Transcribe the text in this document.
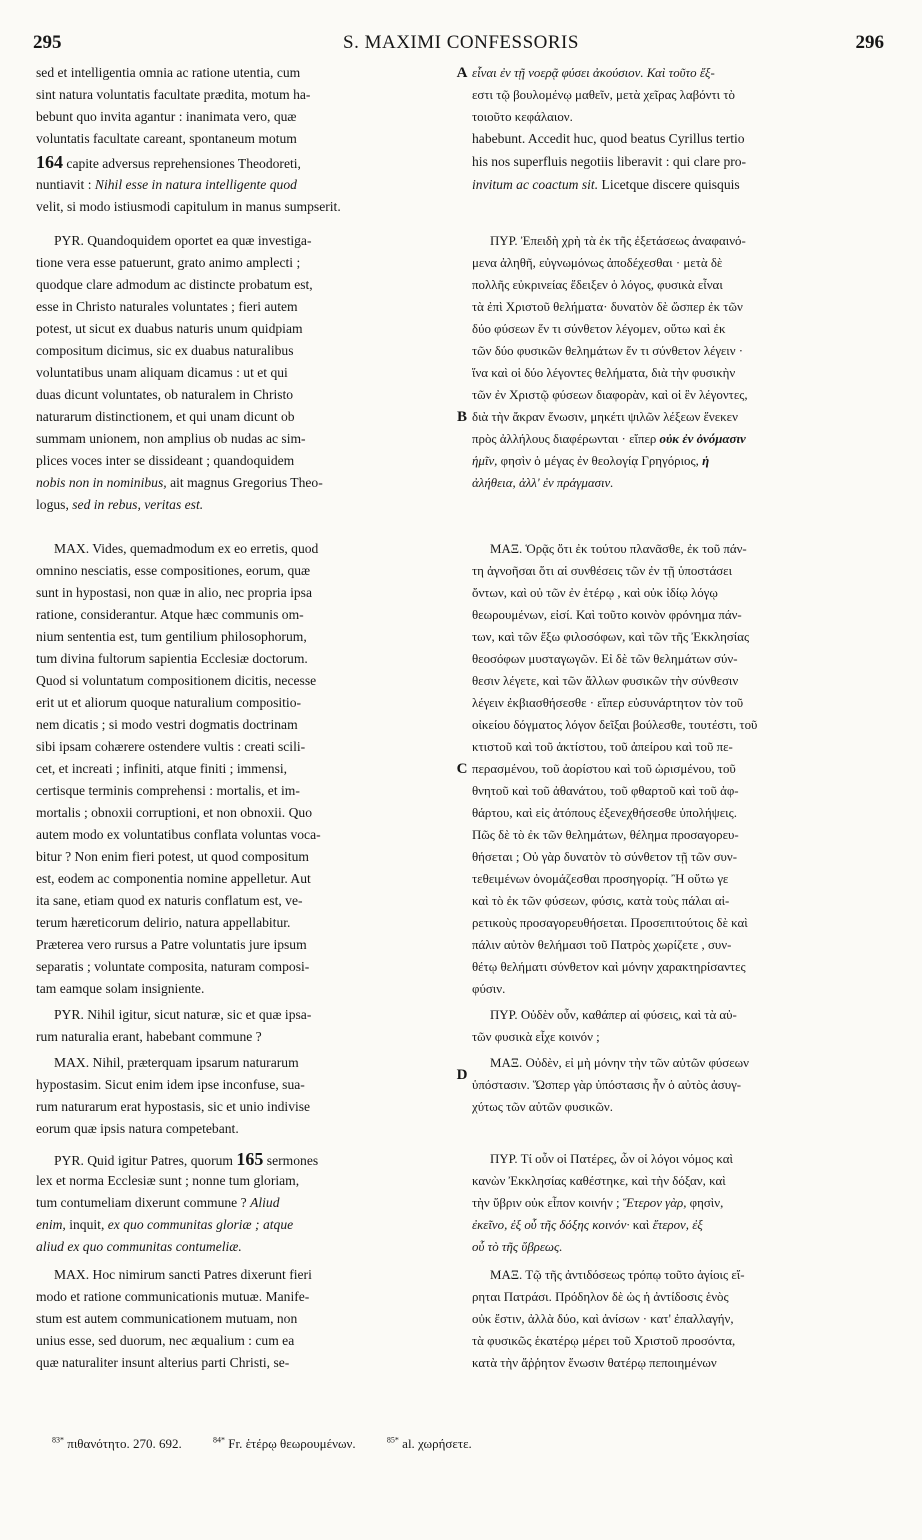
295	S. MAXIMI CONFESSORIS	296
sed et intelligentia omnia ac ratione utentia, cum	A εἶναι ἐν τῇ νοερᾷ φύσει ἀκούσιον. Καὶ τοῦτο ἔξ-
sint natura voluntatis facultate prædita, motum ha-	εστι τῷ βουλομένῳ μαθεῖν, μετὰ χεῖρας λαβόντι τὸ
bebunt quo invita agantur : inanimata vero, quæ	τοιοῦτο κεφάλαιον.
voluntatis facultate careant, spontaneum motum	habebunt. Accedit huc, quod beatus Cyrillus tertio
164 capite adversus reprehensiones Theodoreti,	his nos superfluis negotiis liberavit : qui clare pro-
nuntiavit : Nihil esse in natura intelligente quod	invitum ac coactum sit. Licetque discere quisquis
velit, si modo istiusmodi capitulum in manus sumpserit.
PYR. Quandoquidem oportet ea quæ investiga-
tione vera esse patuerunt, grato animo amplecti ;
quodque clare admodum ac distincte probatum est,
esse in Christo naturales voluntates ; fieri autem
potest, ut sicut ex duabus naturis unum quidpiam
compositum dicimus, sic ex duabus naturalibus
voluntatibus unam aliquam dicamus : ut et qui
duas dicunt voluntates, ob naturalem in Christo
naturarum distinctionem, et qui unam dicunt ob
summam unionem, non amplius ob nudas ac sim-
plices voces inter se dissideant ; quandoquidem
nobis non in nominibus, ait magnus Gregorius Theo-
logus, sed in rebus, veritas est.
ΠΥΡ. Ἐπειδὴ χρὴ τὰ ἐκ τῆς ἐξετάσεως ἀναφαινό-
μενα ἀληθῆ, εὐγνωμόνως ἀποδέχεσθαι · μετὰ δὲ
πολλῆς εὐκρινείας ἔδειξεν ὁ λόγος, φυσικὰ εἶναι
τὰ ἐπὶ Χριστοῦ θελήματα· δυνατὸν δὲ ὥσπερ ἐκ τῶν
δύο φύσεων ἕν τι σύνθετον λέγομεν, οὕτω καὶ ἐκ
τῶν δύο φυσικῶν θελημάτων ἕν τι σύνθετον λέγειν ·
ἵνα καὶ οἱ δύο λέγοντες θελήματα, διὰ τὴν φυσικὴν
B
τῶν ἐν Χριστῷ φύσεων διαφορὰν, καὶ οἱ ἓν λέγοντες,
διὰ τὴν ἄκραν ἕνωσιν, μηκέτι ψιλῶν λέξεων ἕνεκεν
πρὸς ἀλλήλους διαφέρωνται · εἴπερ οὐκ ἐν ὀνόμασιν
ἡμῖν, φησὶν ὁ μέγας ἐν θεολογίᾳ Γρηγόριος, ἡ
ἀλήθεια, ἀλλ' ἐν πράγμασιν.
MAX. Vides, quemadmodum ex eo erretis, quod
omnino nesciatis, esse compositiones, eorum, quæ
sunt in hypostasi, non quæ in alio, nec propria ipsa
ratione, considerantur. Atque hæc communis om-
nium sententia est, tum gentilium philosophorum,
tum divina fultorum sapientia Ecclesiæ doctorum.
Quod si voluntatum compositionem dicitis, necesse
erit ut et aliorum quoque naturalium compositio-
nem dicatis ; si modo vestri dogmatis doctrinam
sibi ipsam cohærere ostendere vultis : creati scili-
cet, et increati ; infiniti, atque finiti ; immensi,
certisque terminis comprehensi : mortalis, et im-
mortalis ; obnoxii corruptioni, et non obnoxii. Quo
autem modo ex voluntatibus conflata voluntas voca-
bitur ? Non enim fieri potest, ut quod compositum
est, eodem ac componentia nomine appelletur. Aut
ita sane, etiam quod ex naturis conflatum est, ve-
terum hæreticorum delirio, natura appellabitur.
Præterea vero rursus a Patre voluntatis jure ipsum
separatis ; voluntate composita, naturam composi-
tam eamque solam insigniente.
ΜΑΞ. Ὁρᾷς ὅτι ἐκ τούτου πλανᾶσθε, ἐκ τοῦ πάν-
τη ἀγνοῆσαι ὅτι αἱ συνθέσεις τῶν ἐν τῇ ὑποστάσει
ὄντων, καὶ οὐ τῶν ἐν ἑτέρῳ , καὶ οὐκ ἰδίῳ λόγῳ
θεωρουμένων, εἰσί. Καὶ τοῦτο κοινὸν φρόνημα πάν-
των, καὶ τῶν ἔξω φιλοσόφων, καὶ τῶν τῆς Ἐκκλησίας
θεοσόφων μυσταγωγῶν. Εἰ δὲ τῶν θελημάτων σύν-
θεσιν λέγετε, καὶ τῶν ἄλλων φυσικῶν τὴν σύνθεσιν
λέγειν ἐκβιασθήσεσθε · εἴπερ εὐσυνάρτητον τὸν τοῦ
οἰκείου δόγματος λόγον δεῖξαι βούλεσθε, τουτέστι, τοῦ
C
κτιστοῦ καὶ τοῦ ἀκτίστου, τοῦ ἀπείρου καὶ τοῦ πε-
περασμένου, τοῦ ἀορίστου καὶ τοῦ ὡρισμένου, τοῦ
θνητοῦ καὶ τοῦ ἀθανάτου, τοῦ φθαρτοῦ καὶ τοῦ ἀφ-
θάρτου, καὶ εἰς ἀτόπους ἐξενεχθήσεσθε ὑπολήψεις.
Πῶς δὲ τὸ ἐκ τῶν θελημάτων, θέλημα προσαγορευ-
θήσεται ; Οὐ γὰρ δυνατὸν τὸ σύνθετον τῇ τῶν συν-
τεθειμένων ὀνομάζεσθαι προσηγορίᾳ. Ἢ οὕτω γε
καὶ τὸ ἐκ τῶν φύσεων, φύσις, κατὰ τοὺς πάλαι αἱ-
ρετικοὺς προσαγορευθήσεται. Προσεπιτούτοις δὲ καὶ
πάλιν αὐτὸν θελήμασι τοῦ Πατρὸς χωρίζετε , συν-
θέτῳ θελήματι σύνθετον καὶ μόνην χαρακτηρίσαντες
φύσιν.
PYR. Nihil igitur, sicut naturæ, sic et quæ ipsa-
rum naturalia erant, habebant commune ?
ΠΥΡ. Οὐδὲν οὖν, καθάπερ αἱ φύσεις, καὶ τὰ αὐ-
τῶν φυσικὰ εἶχε κοινόν ;
MAX. Nihil, præterquam ipsarum naturarum
hypostasim. Sicut enim idem ipse inconfuse, sua-
rum naturarum erat hypostasis, sic et unio indivise
eorum quæ ipsis natura competebant.
D
ΜΑΞ. Οὐδὲν, εἰ μὴ μόνην τὴν τῶν αὐτῶν φύσεων
ὑπόστασιν. Ὥσπερ γὰρ ὑπόστασις ἦν ὁ αὐτὸς ἀσυγ-
χύτως τῶν αὐτῶν φυσικῶν.
PYR. Quid igitur Patres, quorum 165 sermones
lex et norma Ecclesiæ sunt ; nonne tum gloriam,
tum contumeliam dixerunt commune ? Aliud
enim, inquit, ex quo communitas gloriæ ; atque
aliud ex quo communitas contumeliæ.
ΠΥΡ. Τί οὖν οἱ Πατέρες, ὧν οἱ λόγοι νόμος καὶ
κανὼν Ἐκκλησίας καθέστηκε, καὶ τὴν δόξαν, καὶ
τὴν ὕβριν οὐκ εἶπον κοινήν ; Ἕτερον γὰρ, φησὶν,
ἐκεῖνο, ἐξ οὗ τῆς δόξης κοινόν· καὶ ἕτερον, ἐξ
οὗ τὸ τῆς ὕβρεως.
MAX. Hoc nimirum sancti Patres dixerunt fieri
modo et ratione communicationis mutuæ. Manife-
stum est autem communicationem mutuam, non
unius esse, sed duorum, nec æqualium : cum ea
quæ naturaliter insunt alterius parti Christi, se-
ΜΑΞ. Τῷ τῆς ἀντιδόσεως τρόπῳ τοῦτο ἁγίοις εἴ-
ρηται Πατράσι. Πρόδηλον δὲ ὡς ἡ ἀντίδοσις ἑνὸς
οὐκ ἔστιν, ἀλλὰ δύο, καὶ ἀνίσων · κατ' ἐπαλλαγήν,
τὰ φυσικῶς ἑκατέρῳ μέρει τοῦ Χριστοῦ προσόντα,
κατὰ τὴν ἄῤῥητον ἕνωσιν θατέρῳ πεποιημένων
$^{83*}$ πιθανότητο. 270. 692.	$^{84*}$ Fr. ἑτέρῳ θεωρουμένων.	$^{85*}$ al. χωρήσετε.
